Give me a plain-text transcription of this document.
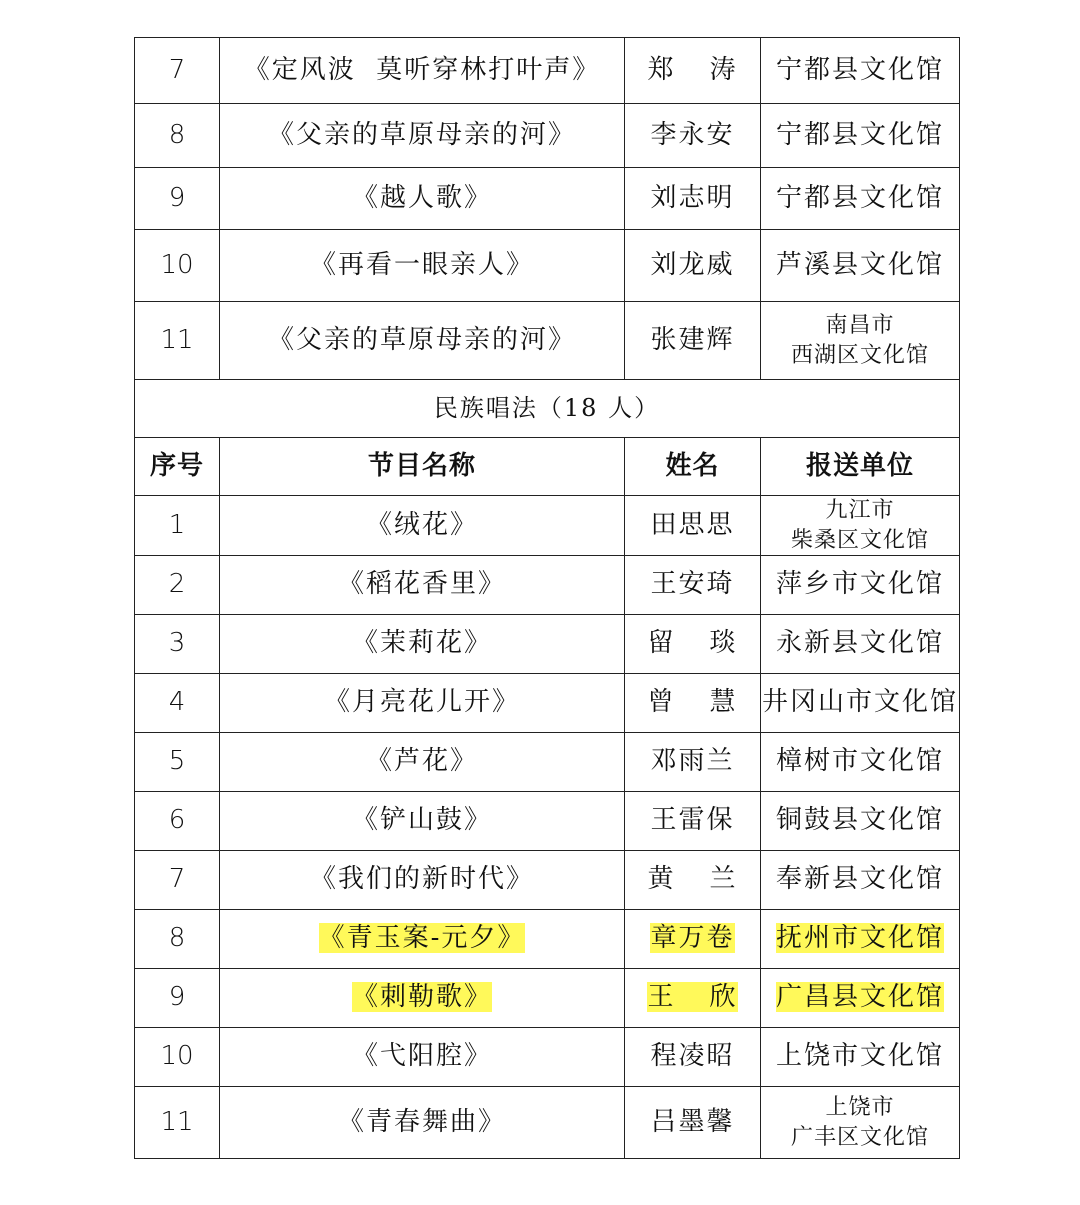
7	《定风波  莫听穿林打叶声》	郑 涛	宁都县文化馆
8	《父亲的草原母亲的河》	李永安	宁都县文化馆
9	《越人歌》	刘志明	宁都县文化馆
10	《再看一眼亲人》	刘龙威	芦溪县文化馆
11	《父亲的草原母亲的河》	张建辉	南昌市
西湖区文化馆

民族唱法（18 人）			
序号	节目名称	姓名	报送单位
1	《绒花》	田思思	九江市
柴桑区文化馆

2	《稻花香里》	王安琦	萍乡市文化馆
3	《茉莉花》	留 琰	永新县文化馆
4	《月亮花儿开》	曾 慧	井冈山市文化馆
5	《芦花》	邓雨兰	樟树市文化馆
6	《铲山鼓》	王雷保	铜鼓县文化馆
7	《我们的新时代》	黄 兰	奉新县文化馆
8	《青玉案-元夕》	章万卷	抚州市文化馆
9	《刺勒歌》	王 欣	广昌县文化馆
10	《弋阳腔》	程凌昭	上饶市文化馆
11	《青春舞曲》	吕墨馨	上饶市
广丰区文化馆
